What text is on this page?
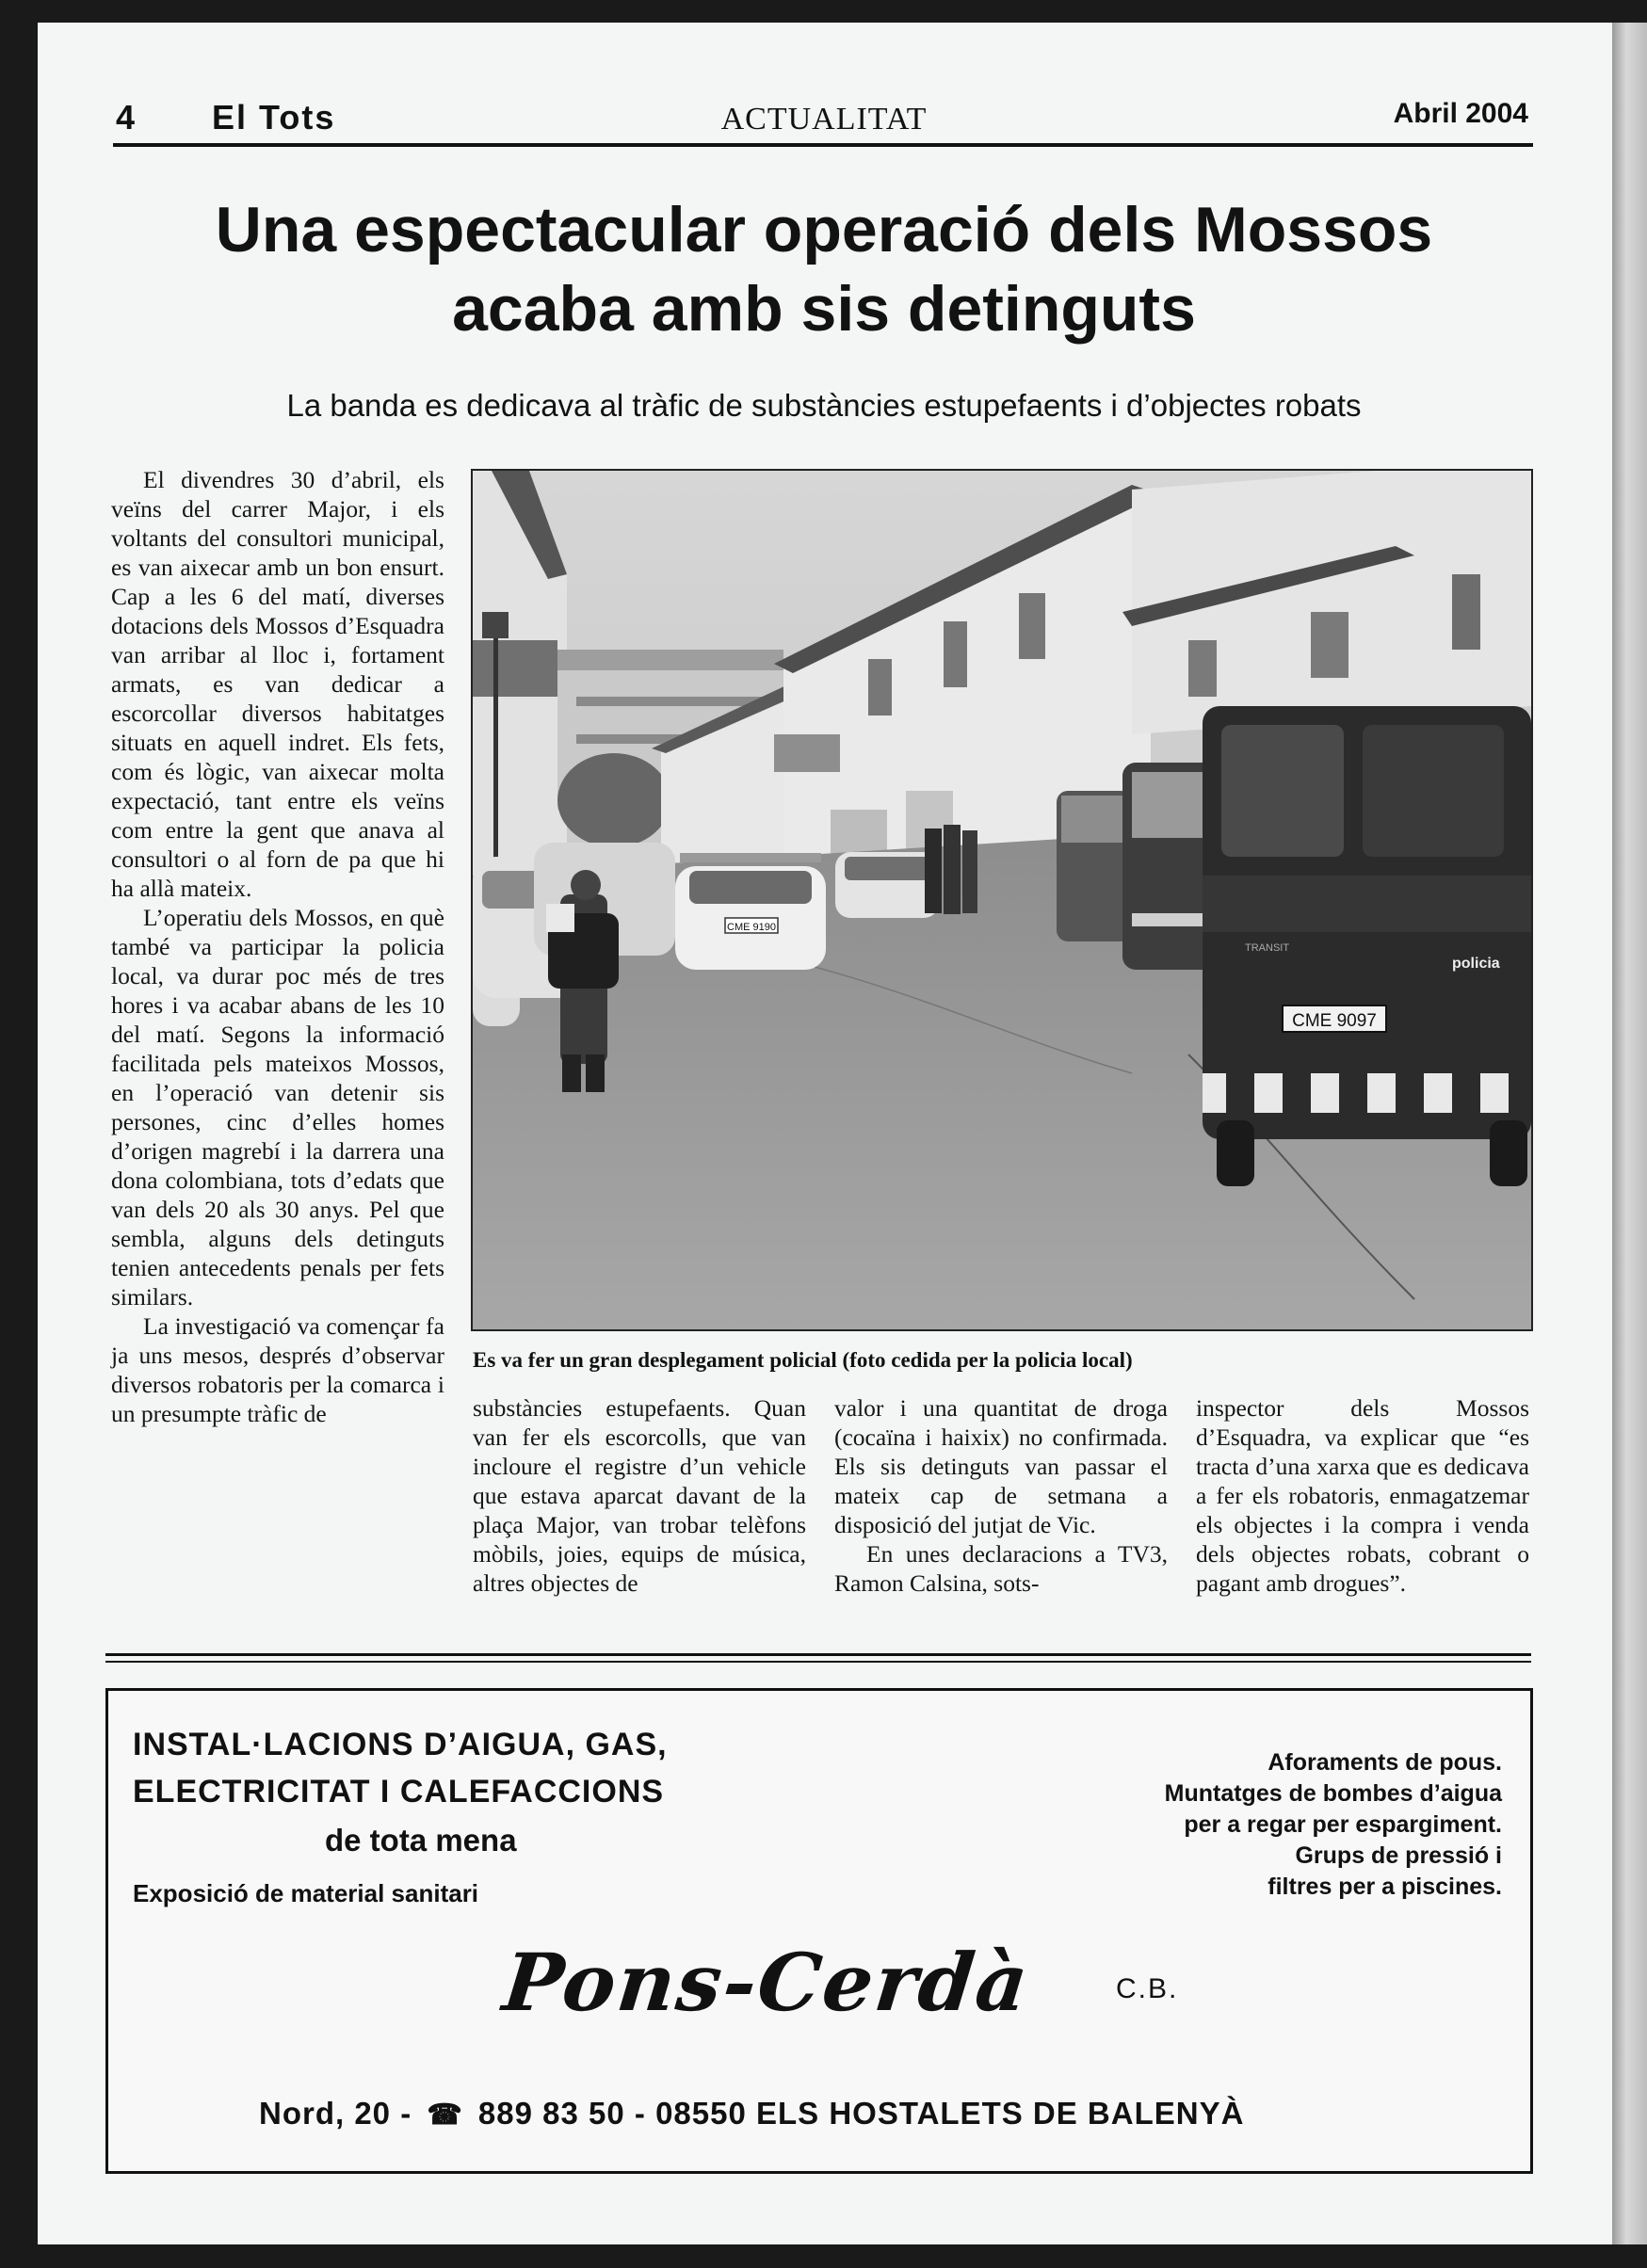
4 El Tots	ACTUALITAT	Abril 2004
Una espectacular operació dels Mossos
acaba amb sis detinguts
La banda es dedicava al tràfic de substàncies estupefaents i d’objectes robats

El divendres 30 d’abril, els veïns del carrer Major, i els voltants del consultori municipal, es van aixecar amb un bon ensurt. Cap a les 6 del matí, diverses dotacions dels Mossos d’Esquadra van arribar al lloc i, fortament armats, es van dedicar a escorcollar diversos habitatges situats en aquell indret. Els fets, com és lògic, van aixecar molta expectació, tant entre els veïns com entre la gent que anava al consultori o al forn de pa que hi ha allà mateix.

L’operatiu dels Mossos, en què també va participar la policia local, va durar poc més de tres hores i va acabar abans de les 10 del matí. Segons la informació facilitada pels mateixos Mossos, en l’operació van detenir sis persones, cinc d’elles homes d’origen magrebí i la darrera una dona colombiana, tots d’edats que van dels 20 als 30 anys. Pel que sembla, alguns dels detinguts tenien antecedents penals per fets similars.

La investigació va començar fa ja uns mesos, després d’observar diversos robatoris per la comarca i un presumpte tràfic de

CME 9190
CME 9097
policia
TRANSIT
Es va fer un gran desplegament policial (foto cedida per la policia local)

substàncies estupefaents. Quan van fer els escorcolls, que van incloure el registre d’un vehicle que estava aparcat davant de la plaça Major, van trobar telèfons mòbils, joies, equips de música, altres objectes de

valor i una quantitat de droga (cocaïna i haixix) no confirmada. Els sis detinguts van passar el mateix cap de setmana a disposició del jutjat de Vic.

En unes declaracions a TV3, Ramon Calsina, sots-

inspector dels Mossos d’Esquadra, va explicar que “es tracta d’una xarxa que es dedicava a fer els robatoris, enmagatzemar els objectes i la compra i venda dels objectes robats, cobrant o pagant amb drogues”.

INSTAL·LACIONS D’AIGUA, GAS,
ELECTRICITAT I CALEFACCIONS
de tota mena
Exposició de material sanitari
Aforaments de pous.
Muntatges de bombes d’aigua
per a regar per espargiment.
Grups de pressió i
filtres per a piscines.
Pons-Cerdà	C.B.
Nord, 20 - ☎ 889 83 50 - 08550 ELS HOSTALETS DE BALENYÀ
